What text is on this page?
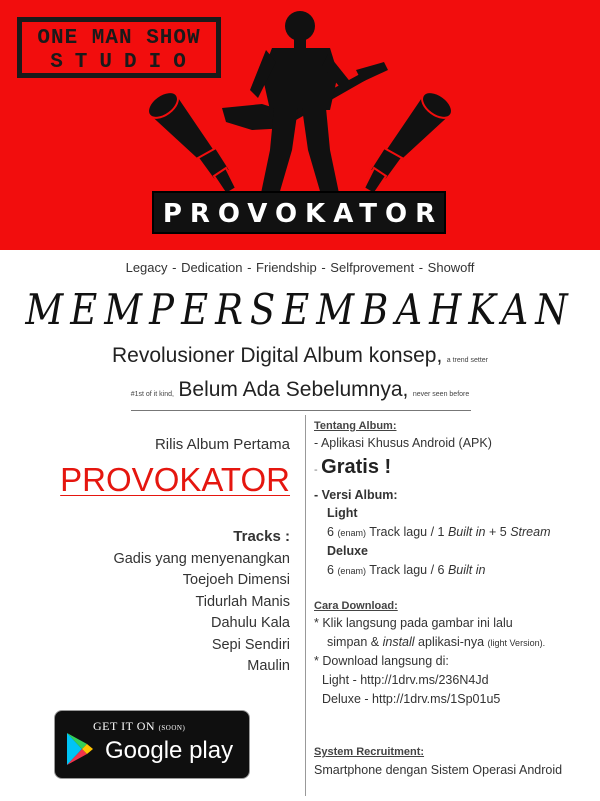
ONE MAN SHOW
STUDIO
PROVOKATOR
Legacy - Dedication - Friendship - Selfprovement - Showoff
MEMPERSEMBAHKAN
Revolusioner Digital Album konsep, a trend setter
#1st of it kind, Belum Ada Sebelumnya, never seen before
Rilis Album Pertama
PROVOKATOR
Tracks :
Gadis yang menyenangkan
Toejoeh Dimensi
Tidurlah Manis
Dahulu Kala
Sepi Sendiri
Maulin
GET IT ON (SOON)
Google play
Tentang Album:
- Aplikasi Khusus Android (APK)
- Gratis !
- Versi Album:
Light
6 (enam) Track lagu / 1 Built in + 5 Stream
Deluxe
6 (enam) Track lagu / 6 Built in
Cara Download:
* Klik langsung pada gambar ini lalu
simpan & install aplikasi-nya (light Version).
* Download langsung di:
Light - http://1drv.ms/236N4Jd
Deluxe - http://1drv.ms/1Sp01u5
System Recruitment:
Smartphone dengan Sistem Operasi Android
